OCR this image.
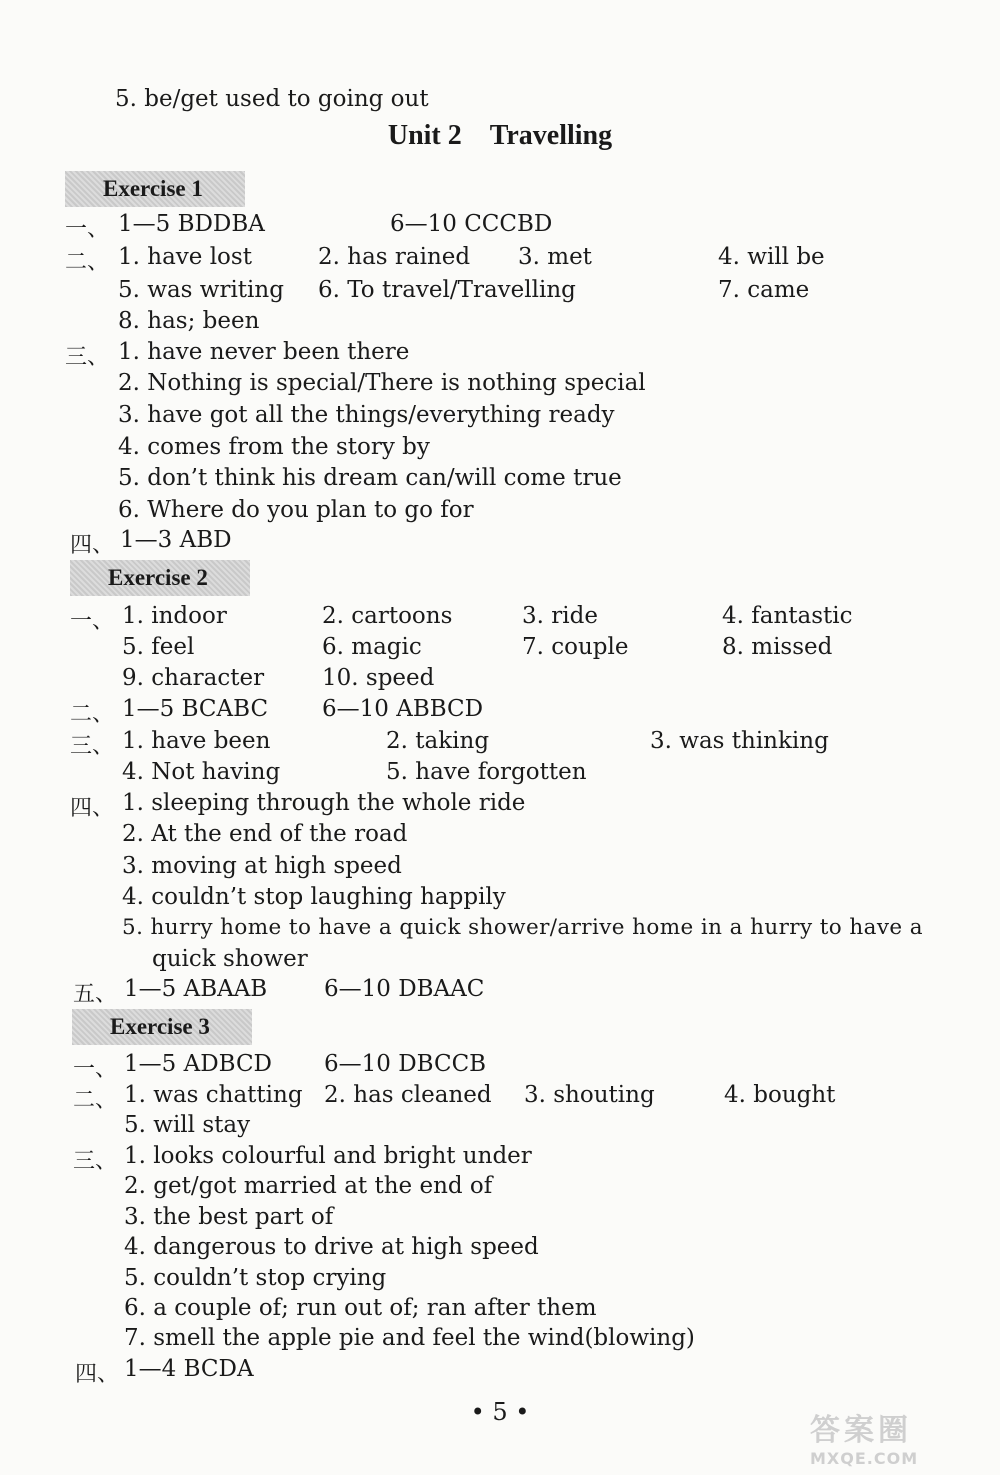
5. be/get used to going out
Unit 2 Travelling
Exercise 1
一、 1—5 BDDBA	6—10 CCCBD
二、 1. have lost	2. has rained 3. met	4. will be
5. was writing 6. To travel/Travelling	7. came
8. has; been
三、 1. have never been there
2. Nothing is special/There is nothing special
3. have got all the things/everything ready
4. comes from the story by
5. don’t think his dream can/will come true
6. Where do you plan to go for
四、 1—3 ABD
Exercise 2
一、 1. indoor	2. cartoons	3. ride	4. fantastic
5. feel	6. magic	7. couple	8. missed
9. character	10. speed
二、 1—5 BCABC 6—10 ABBCD
三、 1. have been	2. taking	3. was thinking
4. Not having	5. have forgotten
四、 1. sleeping through the whole ride
2. At the end of the road
3. moving at high speed
4. couldn’t stop laughing happily
5. hurry home to have a quick shower/arrive home in a hurry to have a
quick shower
五、 1—5 ABAAB 6—10 DBAAC
Exercise 3
一、 1—5 ADBCD 6—10 DBCCB
二、 1. was chatting 2. has cleaned 3. shouting	4. bought
5. will stay
三、 1. looks colourful and bright under
2. get/got married at the end of
3. the best part of
4. dangerous to drive at high speed
5. couldn’t stop crying
6. a couple of; run out of; ran after them
7. smell the apple pie and feel the wind(blowing)
四、 1—4 BCDA
• 5 •
答案圈
MXQE.COM
